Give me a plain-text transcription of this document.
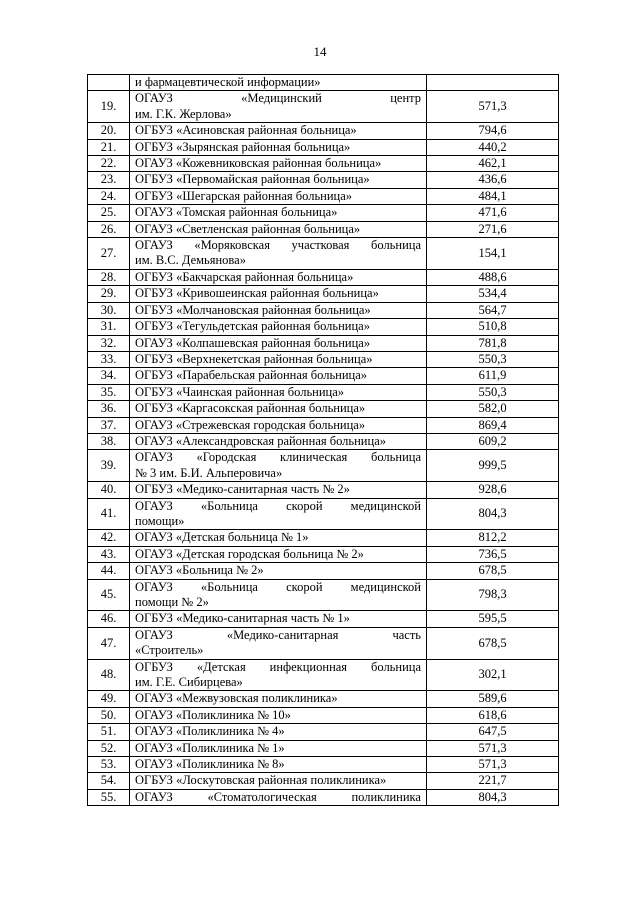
14
	и фармацевтической информации»	
19.	ОГАУЗ «Медицинский центр
им. Г.К. Жерлова»	571,3
20.	ОГБУЗ «Асиновская районная больница»	794,6
21.	ОГБУЗ «Зырянская районная больница»	440,2
22.	ОГАУЗ «Кожевниковская районная больница»	462,1
23.	ОГБУЗ «Первомайская районная больница»	436,6
24.	ОГБУЗ «Шегарская районная больница»	484,1
25.	ОГАУЗ «Томская районная больница»	471,6
26.	ОГАУЗ «Светленская районная больница»	271,6
27.	ОГАУЗ «Моряковская участковая больница
им. В.С. Демьянова»	154,1
28.	ОГБУЗ «Бакчарская районная больница»	488,6
29.	ОГБУЗ «Кривошеинская районная больница»	534,4
30.	ОГБУЗ «Молчановская районная больница»	564,7
31.	ОГБУЗ «Тегульдетская районная больница»	510,8
32.	ОГАУЗ «Колпашевская районная больница»	781,8
33.	ОГБУЗ «Верхнекетская районная больница»	550,3
34.	ОГБУЗ «Парабельская районная больница»	611,9
35.	ОГБУЗ «Чаинская районная больница»	550,3
36.	ОГБУЗ «Каргасокская районная больница»	582,0
37.	ОГАУЗ «Стрежевская городская больница»	869,4
38.	ОГАУЗ «Александровская районная больница»	609,2
39.	ОГАУЗ «Городская клиническая больница
№ 3 им. Б.И. Альперовича»	999,5
40.	ОГБУЗ «Медико-санитарная часть № 2»	928,6
41.	ОГАУЗ «Больница скорой медицинской
помощи»	804,3
42.	ОГАУЗ «Детская больница № 1»	812,2
43.	ОГАУЗ «Детская городская больница № 2»	736,5
44.	ОГАУЗ «Больница № 2»	678,5
45.	ОГАУЗ «Больница скорой медицинской
помощи № 2»	798,3
46.	ОГБУЗ «Медико-санитарная часть № 1»	595,5
47.	ОГАУЗ «Медико-санитарная часть
«Строитель»	678,5
48.	ОГБУЗ «Детская инфекционная больница
им. Г.Е. Сибирцева»	302,1
49.	ОГАУЗ «Межвузовская поликлиника»	589,6
50.	ОГАУЗ «Поликлиника № 10»	618,6
51.	ОГАУЗ «Поликлиника № 4»	647,5
52.	ОГАУЗ «Поликлиника № 1»	571,3
53.	ОГАУЗ «Поликлиника № 8»	571,3
54.	ОГБУЗ «Лоскутовская районная поликлиника»	221,7
55.	ОГАУЗ «Стоматологическая поликлиника	804,3
